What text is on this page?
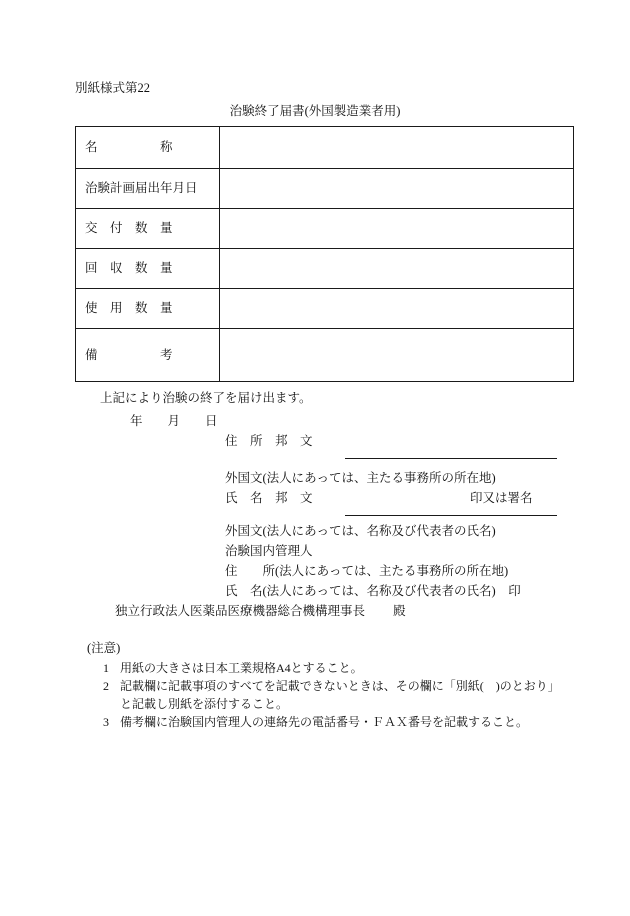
別紙様式第22
治験終了届書(外国製造業者用)
名　　　　　称	
治験計画届出年月日	
交　付　数　量	
回　収　数　量	
使　用　数　量	
備　　　　　考	
上記により治験の終了を届け出ます。
年　　月　　日
住　所　邦　文
外国文(法人にあっては、主たる事務所の所在地)
氏　名　邦　文	印又は署名
外国文(法人にあっては、名称及び代表者の氏名)
治験国内管理人
住　　所(法人にあっては、主たる事務所の所在地)
氏　名(法人にあっては、名称及び代表者の氏名)　印
独立行政法人医薬品医療機器総合機構理事長 殿
(注意)
1 用紙の大きさは日本工業規格A4とすること。
2 記載欄に記載事項のすべてを記載できないときは、その欄に「別紙(　)のとおり」
と記載し別紙を添付すること。
3 備考欄に治験国内管理人の連絡先の電話番号・ＦＡＸ番号を記載すること。
